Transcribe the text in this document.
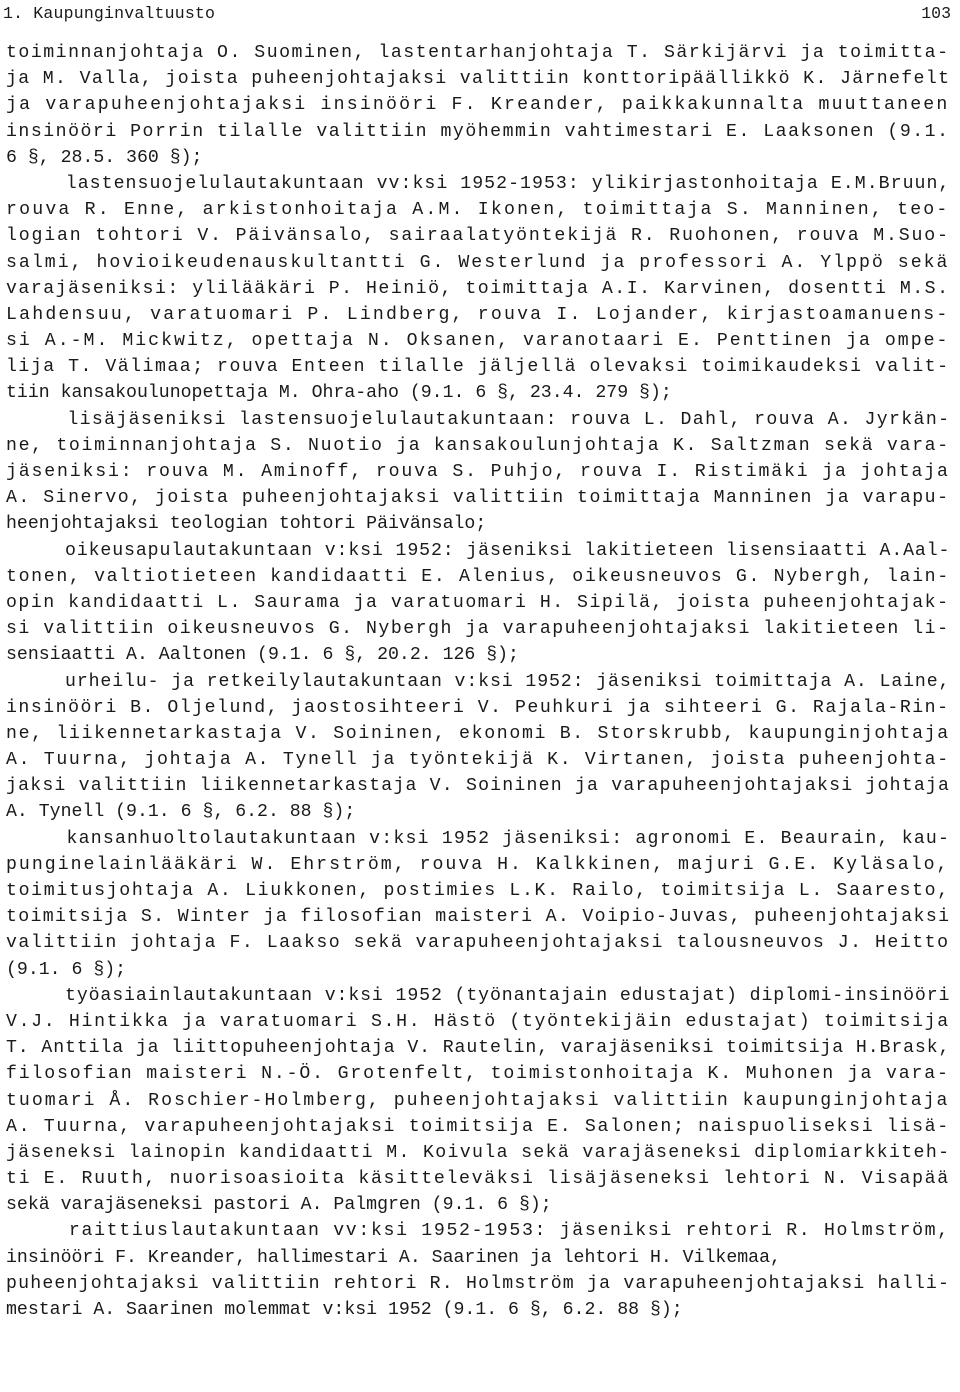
1. Kaupunginvaltuusto	103
toiminnanjohtaja O. Suominen, lastentarhanjohtaja T. Särkijärvi ja toimitta-
ja M. Valla, joista puheenjohtajaksi valittiin konttoripäällikkö K. Järnefelt
ja varapuheenjohtajaksi insinööri F. Kreander, paikkakunnalta muuttaneen
insinööri Porrin tilalle valittiin myöhemmin vahtimestari E. Laaksonen (9.1.
6 §, 28.5. 360 §);
lastensuojelulautakuntaan vv:ksi 1952-1953: ylikirjastonhoitaja E.M.Bruun,
rouva R. Enne, arkistonhoitaja A.M. Ikonen, toimittaja S. Manninen, teo-
logian tohtori V. Päivänsalo, sairaalatyöntekijä R. Ruohonen, rouva M.Suo-
salmi, hovioikeudenauskultantti G. Westerlund ja professori A. Ylppö sekä
varajäseniksi: ylilääkäri P. Heiniö, toimittaja A.I. Karvinen, dosentti M.S.
Lahdensuu, varatuomari P. Lindberg, rouva I. Lojander, kirjastoamanuens-
si A.-M. Mickwitz, opettaja N. Oksanen, varanotaari E. Penttinen ja ompe-
lija T. Välimaa; rouva Enteen tilalle jäljellä olevaksi toimikaudeksi valit-
tiin kansakoulunopettaja M. Ohra-aho (9.1. 6 §, 23.4. 279 §);
lisäjäseniksi lastensuojelulautakuntaan: rouva L. Dahl, rouva A. Jyrkän-
ne, toiminnanjohtaja S. Nuotio ja kansakoulunjohtaja K. Saltzman sekä vara-
jäseniksi: rouva M. Aminoff, rouva S. Puhjo, rouva I. Ristimäki ja johtaja
A. Sinervo, joista puheenjohtajaksi valittiin toimittaja Manninen ja varapu-
heenjohtajaksi teologian tohtori Päivänsalo;
oikeusapulautakuntaan v:ksi 1952: jäseniksi lakitieteen lisensiaatti A.Aal-
tonen, valtiotieteen kandidaatti E. Alenius, oikeusneuvos G. Nybergh, lain-
opin kandidaatti L. Saurama ja varatuomari H. Sipilä, joista puheenjohtajak-
si valittiin oikeusneuvos G. Nybergh ja varapuheenjohtajaksi lakitieteen li-
sensiaatti A. Aaltonen (9.1. 6 §, 20.2. 126 §);
urheilu- ja retkeilylautakuntaan v:ksi 1952: jäseniksi toimittaja A. Laine,
insinööri B. Oljelund, jaostosihteeri V. Peuhkuri ja sihteeri G. Rajala-Rin-
ne, liikennetarkastaja V. Soininen, ekonomi B. Storskrubb, kaupunginjohtaja
A. Tuurna, johtaja A. Tynell ja työntekijä K. Virtanen, joista puheenjohta-
jaksi valittiin liikennetarkastaja V. Soininen ja varapuheenjohtajaksi johtaja
A. Tynell (9.1. 6 §, 6.2. 88 §);
kansanhuoltolautakuntaan v:ksi 1952 jäseniksi: agronomi E. Beaurain, kau-
punginelainlääkäri W. Ehrström, rouva H. Kalkkinen, majuri G.E. Kyläsalo,
toimitusjohtaja A. Liukkonen, postimies L.K. Railo, toimitsija L. Saaresto,
toimitsija S. Winter ja filosofian maisteri A. Voipio-Juvas, puheenjohtajaksi
valittiin johtaja F. Laakso sekä varapuheenjohtajaksi talousneuvos J. Heitto
(9.1. 6 §);
työasiainlautakuntaan v:ksi 1952 (työnantajain edustajat) diplomi-insinööri
V.J. Hintikka ja varatuomari S.H. Hästö (työntekijäin edustajat) toimitsija
T. Anttila ja liittopuheenjohtaja V. Rautelin, varajäseniksi toimitsija H.Brask,
filosofian maisteri N.-Ö. Grotenfelt, toimistonhoitaja K. Muhonen ja vara-
tuomari Å. Roschier-Holmberg, puheenjohtajaksi valittiin kaupunginjohtaja
A. Tuurna, varapuheenjohtajaksi toimitsija E. Salonen; naispuoliseksi lisä-
jäseneksi lainopin kandidaatti M. Koivula sekä varajäseneksi diplomiarkkiteh-
ti E. Ruuth, nuorisoasioita käsitteleväksi lisäjäseneksi lehtori N. Visapää
sekä varajäseneksi pastori A. Palmgren (9.1. 6 §);
raittiuslautakuntaan vv:ksi 1952-1953: jäseniksi rehtori R. Holmström,
insinööri F. Kreander, hallimestari A. Saarinen ja lehtori H. Vilkemaa,
puheenjohtajaksi valittiin rehtori R. Holmström ja varapuheenjohtajaksi halli-
mestari A. Saarinen molemmat v:ksi 1952 (9.1. 6 §, 6.2. 88 §);
